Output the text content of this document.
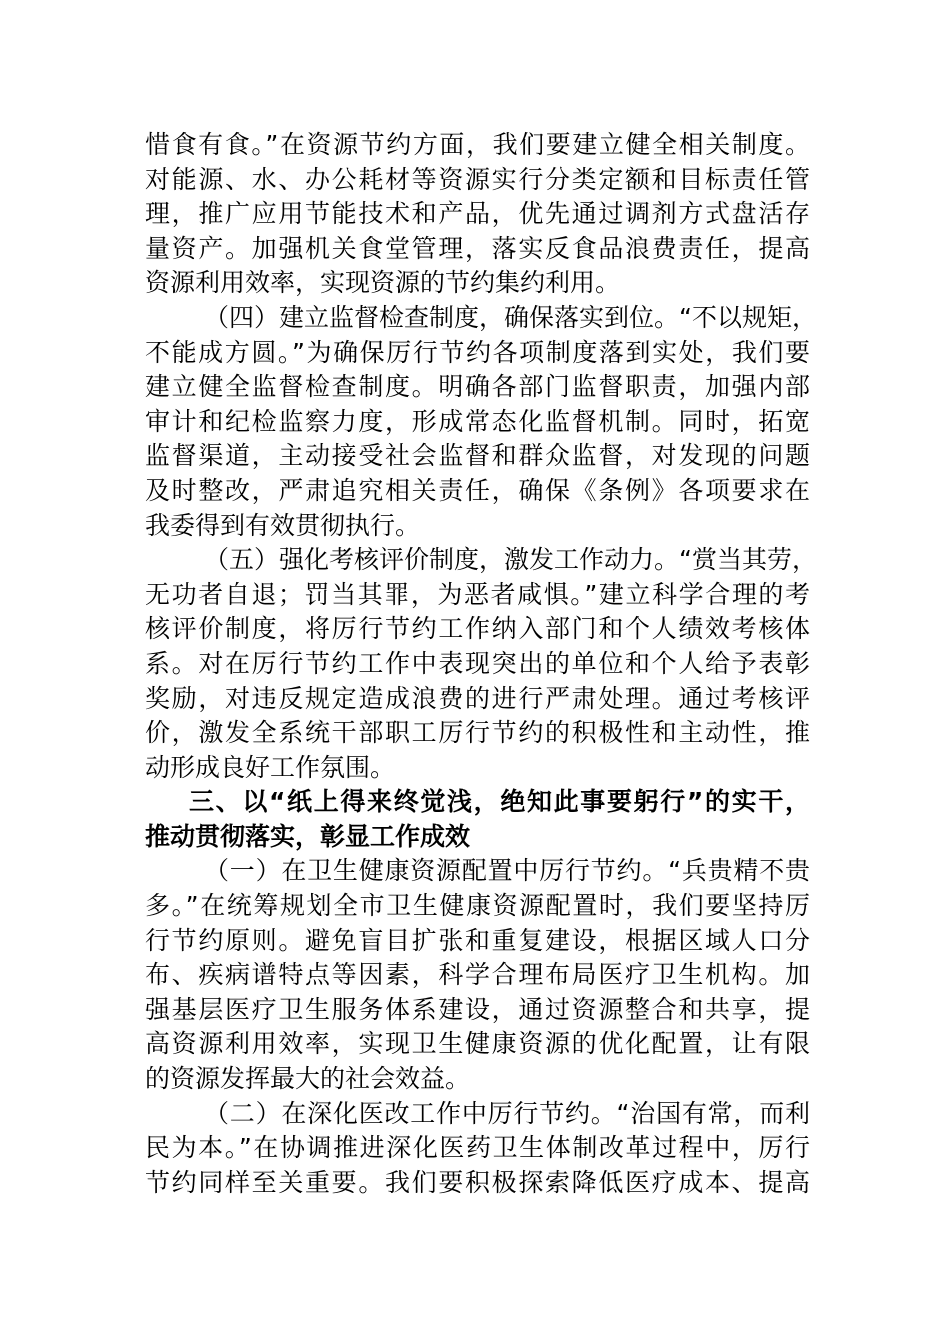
惜食有食。”在资源节约方面，我们要建立健全相关制度。
对能源、水、办公耗材等资源实行分类定额和目标责任管
理，推广应用节能技术和产品，优先通过调剂方式盘活存
量资产。加强机关食堂管理，落实反食品浪费责任，提高
资源利用效率，实现资源的节约集约利用。
（四）建立监督检查制度，确保落实到位。“不以规矩，
不能成方圆。”为确保厉行节约各项制度落到实处，我们要
建立健全监督检查制度。明确各部门监督职责，加强内部
审计和纪检监察力度，形成常态化监督机制。同时，拓宽
监督渠道，主动接受社会监督和群众监督，对发现的问题
及时整改，严肃追究相关责任，确保《条例》各项要求在
我委得到有效贯彻执行。
（五）强化考核评价制度，激发工作动力。“赏当其劳，
无功者自退；罚当其罪，为恶者咸惧。”建立科学合理的考
核评价制度，将厉行节约工作纳入部门和个人绩效考核体
系。对在厉行节约工作中表现突出的单位和个人给予表彰
奖励，对违反规定造成浪费的进行严肃处理。通过考核评
价，激发全系统干部职工厉行节约的积极性和主动性，推
动形成良好工作氛围。
三、以“纸上得来终觉浅，绝知此事要躬行”的实干，
推动贯彻落实，彰显工作成效
（一）在卫生健康资源配置中厉行节约。“兵贵精不贵
多。”在统筹规划全市卫生健康资源配置时，我们要坚持厉
行节约原则。避免盲目扩张和重复建设，根据区域人口分
布、疾病谱特点等因素，科学合理布局医疗卫生机构。加
强基层医疗卫生服务体系建设，通过资源整合和共享，提
高资源利用效率，实现卫生健康资源的优化配置，让有限
的资源发挥最大的社会效益。
（二）在深化医改工作中厉行节约。“治国有常，而利
民为本。”在协调推进深化医药卫生体制改革过程中，厉行
节约同样至关重要。我们要积极探索降低医疗成本、提高
